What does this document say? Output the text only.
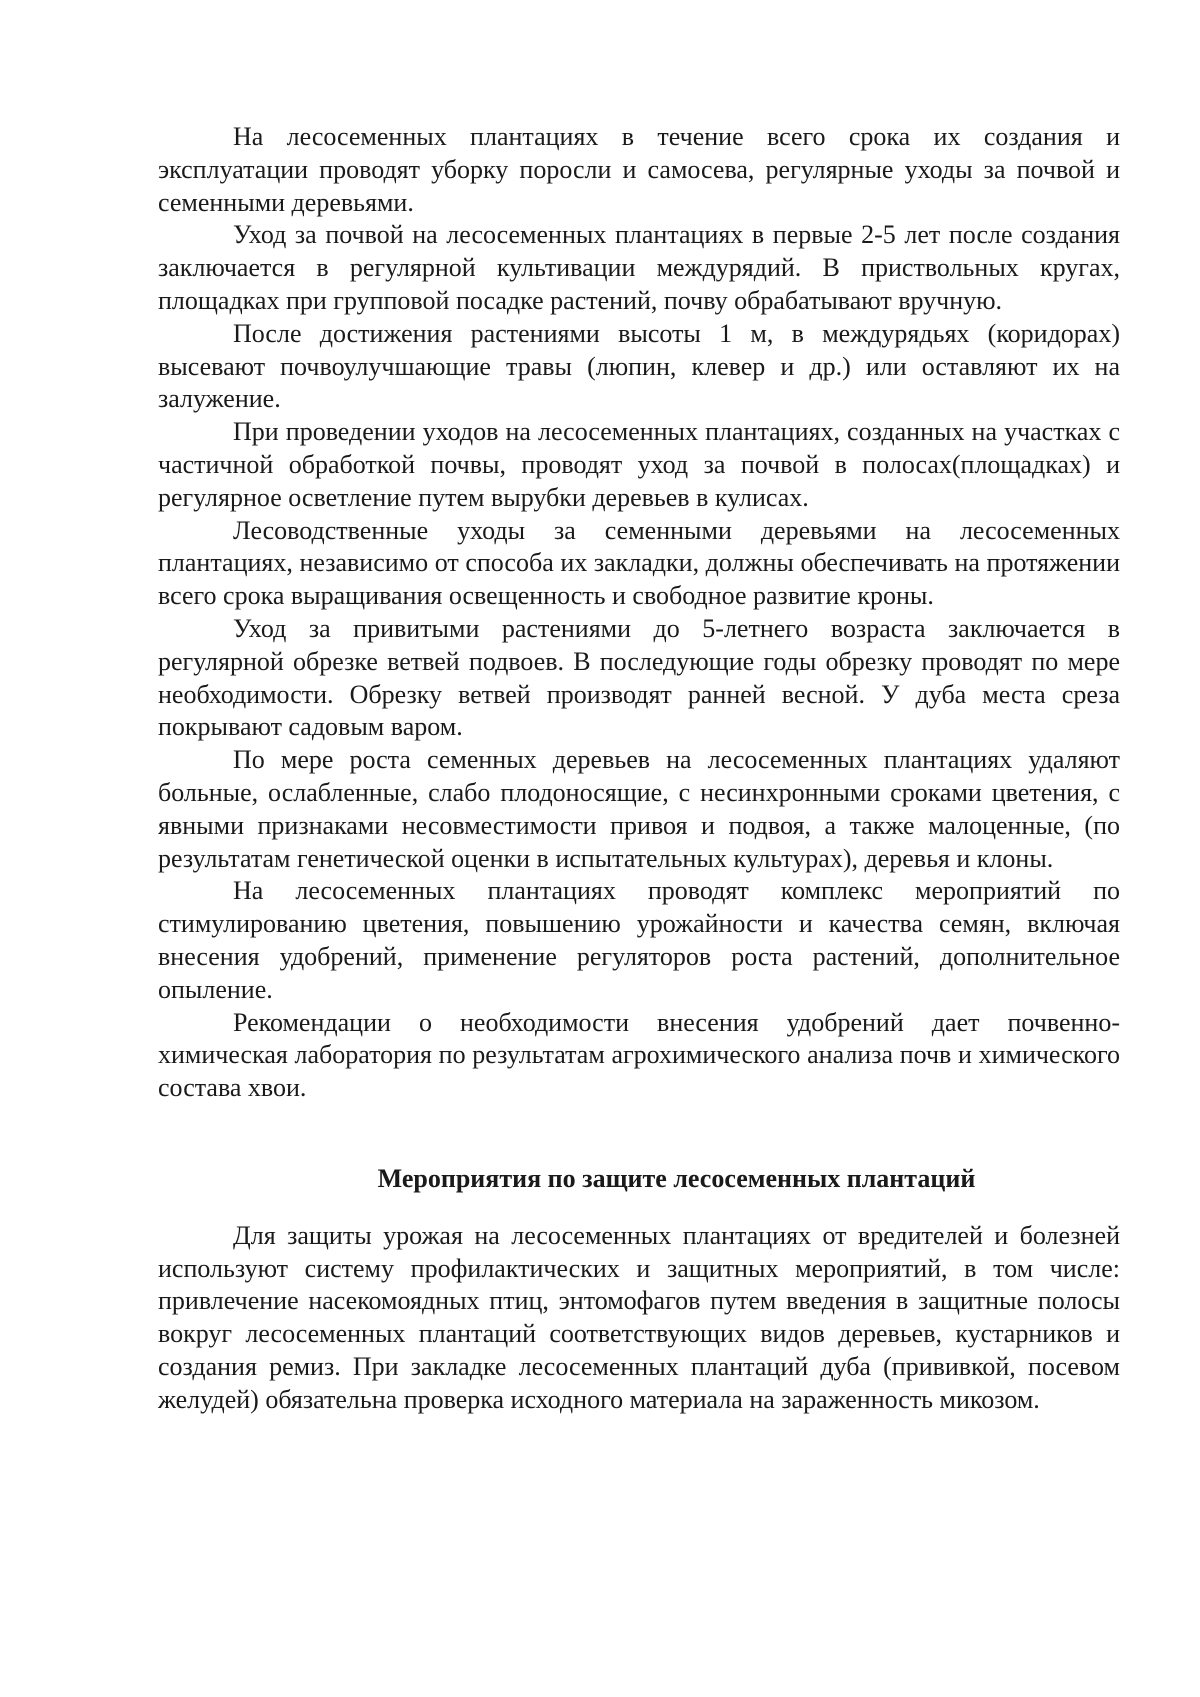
На лесосеменных плантациях в течение всего срока их создания и эксплуатации проводят уборку поросли и самосева, регулярные уходы за почвой и семенными деревьями.

Уход за почвой на лесосеменных плантациях в первые 2-5 лет после создания заключается в регулярной культивации междурядий. В приствольных кругах, площадках при групповой посадке растений, почву обрабатывают вручную.

После достижения растениями высоты 1 м, в междурядьях (коридорах) высевают почвоулучшающие травы (люпин, клевер и др.) или оставляют их на залужение.

При проведении уходов на лесосеменных плантациях, созданных на участках с частичной обработкой почвы, проводят уход за почвой в полосах(площадках) и регулярное осветление путем вырубки деревьев в кулисах.

Лесоводственные уходы за семенными деревьями на лесосеменных плантациях, независимо от способа их закладки, должны обеспечивать на протяжении всего срока выращивания освещенность и свободное развитие кроны.

Уход за привитыми растениями до 5-летнего возраста заключается в регулярной обрезке ветвей подвоев. В последующие годы обрезку проводят по мере необходимости. Обрезку ветвей производят ранней весной. У дуба места среза покрывают садовым варом.

По мере роста семенных деревьев на лесосеменных плантациях удаляют больные, ослабленные, слабо плодоносящие, с несинхронными сроками цветения, с явными признаками несовместимости привоя и подвоя, а также малоценные, (по результатам генетической оценки в испытательных культурах), деревья и клоны.

На лесосеменных плантациях проводят комплекс мероприятий по стимулированию цветения, повышению урожайности и качества семян, включая внесения удобрений, применение регуляторов роста растений, дополнительное опыление.

Рекомендации о необходимости внесения удобрений дает почвенно-химическая лаборатория по результатам агрохимического анализа почв и химического состава хвои.

Мероприятия по защите лесосеменных плантаций

Для защиты урожая на лесосеменных плантациях от вредителей и болезней используют систему профилактических и защитных мероприятий, в том числе: привлечение насекомоядных птиц, энтомофагов путем введения в защитные полосы вокруг лесосеменных плантаций соответствующих видов деревьев, кустарников и создания ремиз. При закладке лесосеменных плантаций дуба (прививкой, посевом желудей) обязательна проверка исходного материала на зараженность микозом.
